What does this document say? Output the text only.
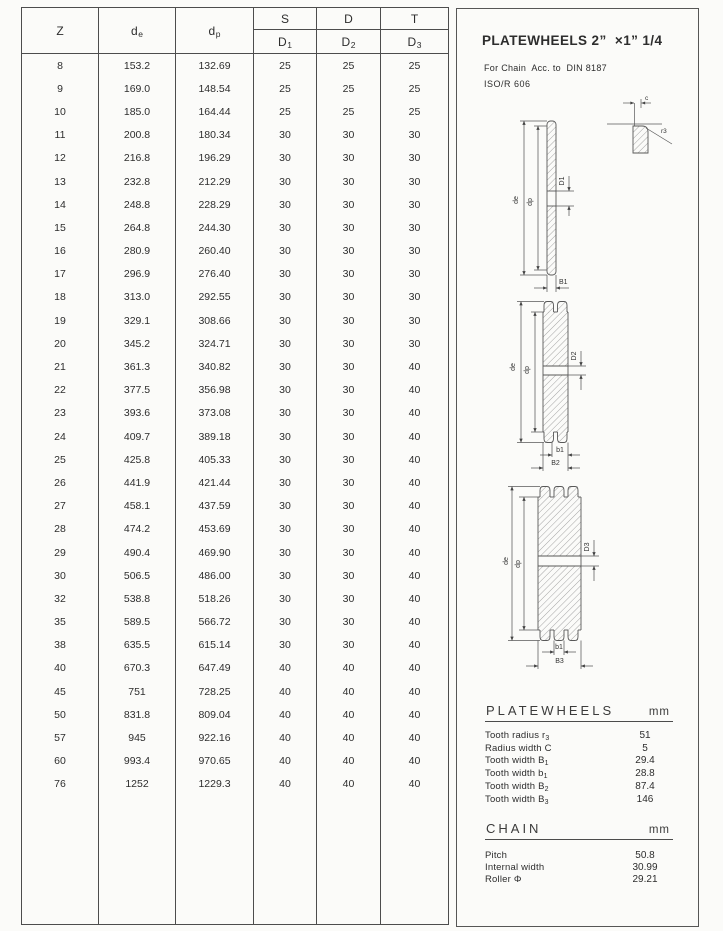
Z	d e	d p
S	D	T
D 1	D 2	D 3
8	153.2	132.69	25	25	25
9	169.0	148.54	25	25	25
10	185.0	164.44	25	25	25
11	200.8	180.34	30	30	30
12	216.8	196.29	30	30	30
13	232.8	212.29	30	30	30
14	248.8	228.29	30	30	30
15	264.8	244.30	30	30	30
16	280.9	260.40	30	30	30
17	296.9	276.40	30	30	30
18	313.0	292.55	30	30	30
19	329.1	308.66	30	30	30
20	345.2	324.71	30	30	30
21	361.3	340.82	30	30	40
22	377.5	356.98	30	30	40
23	393.6	373.08	30	30	40
24	409.7	389.18	30	30	40
25	425.8	405.33	30	30	40
26	441.9	421.44	30	30	40
27	458.1	437.59	30	30	40
28	474.2	453.69	30	30	40
29	490.4	469.90	30	30	40
30	506.5	486.00	30	30	40
32	538.8	518.26	30	30	40
35	589.5	566.72	30	30	40
38	635.5	615.14	30	30	40
40	670.3	647.49	40	40	40
45	751	728.25	40	40	40
50	831.8	809.04	40	40	40
57	945	922.16	40	40	40
60	993.4	970.65	40	40	40
76	1252	1229.3	40	40	40
c
r3
de dp
D1
B1
de dp
D2
b1
B2
de dp
D3
b1
B3
PLATEWHEELS 2”  ×1” 1/4
For Chain  Acc. to  DIN 8187
ISO/R 606
PLATEWHEELS	mm
Tooth radius r3	51
Radius width C	5
Tooth width B1	29.4
Tooth width b1	28.8
Tooth width B2	87.4
Tooth width B3	146
CHAIN	mm
Pitch	50.8
Internal width	30.99
Roller Φ	29.21
